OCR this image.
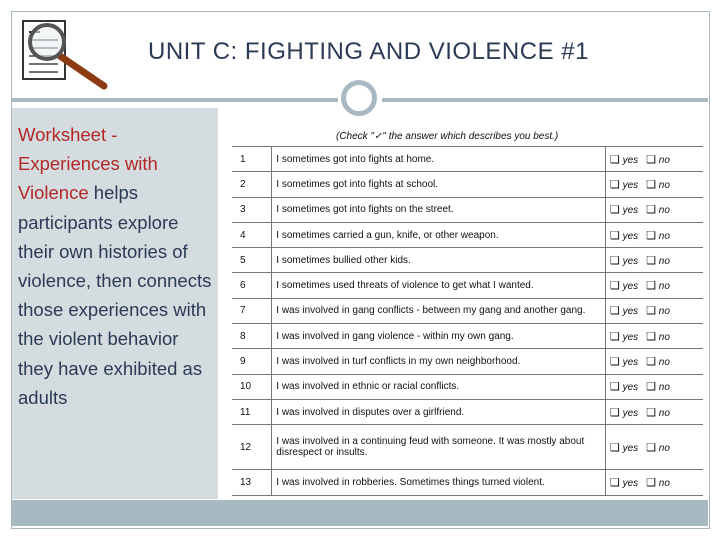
UNIT C: FIGHTING AND VIOLENCE #1
Worksheet - Experiences with Violence helps participants explore their own histories of violence, then connects those experiences with the violent behavior they have exhibited as adults
(Check "✓" the answer which describes you best.)
1	I sometimes got into fights at home.	❑ yes ❑ no
2	I sometimes got into fights at school.	❑ yes ❑ no
3	I sometimes got into fights on the street.	❑ yes ❑ no
4	I sometimes carried a gun, knife, or other weapon.	❑ yes ❑ no
5	I sometimes bullied other kids.	❑ yes ❑ no
6	I sometimes used threats of violence to get what I wanted.	❑ yes ❑ no
7	I was involved in gang conflicts - between my gang and another gang.	❑ yes ❑ no
8	I was involved in gang violence - within my own gang.	❑ yes ❑ no
9	I was involved in turf conflicts in my own neighborhood.	❑ yes ❑ no
10	I was involved in ethnic or racial conflicts.	❑ yes ❑ no
11	I was involved in disputes over a girlfriend.	❑ yes ❑ no
12	I was involved in a continuing feud with someone. It was mostly about disrespect or insults.	❑ yes ❑ no
13	I was involved in robberies. Sometimes things turned violent.	❑ yes ❑ no
